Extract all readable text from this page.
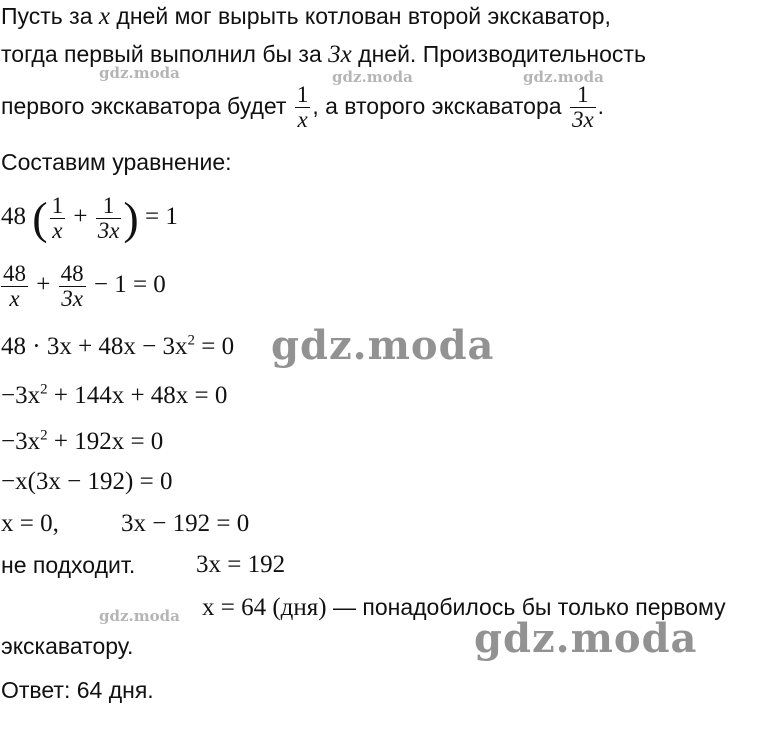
Пусть за x дней мог вырыть котлован второй экскаватор,
тогда первый выполнил бы за 3x дней. Производительность
первого экскаватора будет $\frac{1}{x}$ , а второго экскаватора $\frac{1}{3x}$ .
Составим уравнение:
48 ( $\frac{1}{x} + \frac{1}{3x}$ ) = 1
$\frac{48}{x} + \frac{48}{3x} - 1 = 0$
$48 \cdot 3x + 48x - 3x^2 = 0$
$-3x^2 + 144x + 48x = 0$
$-3x^2 + 192x = 0$
−x(3x − 192) = 0
x = 0, 3x − 192 = 0
не подходит. 3x = 192
x = 64 (дня) — понадобилось бы только первому
экскаватору.
Ответ: 64 дня.
gdz.moda	gdz.moda	gdz.moda
gdz.moda
gdz.moda	gdz.moda
